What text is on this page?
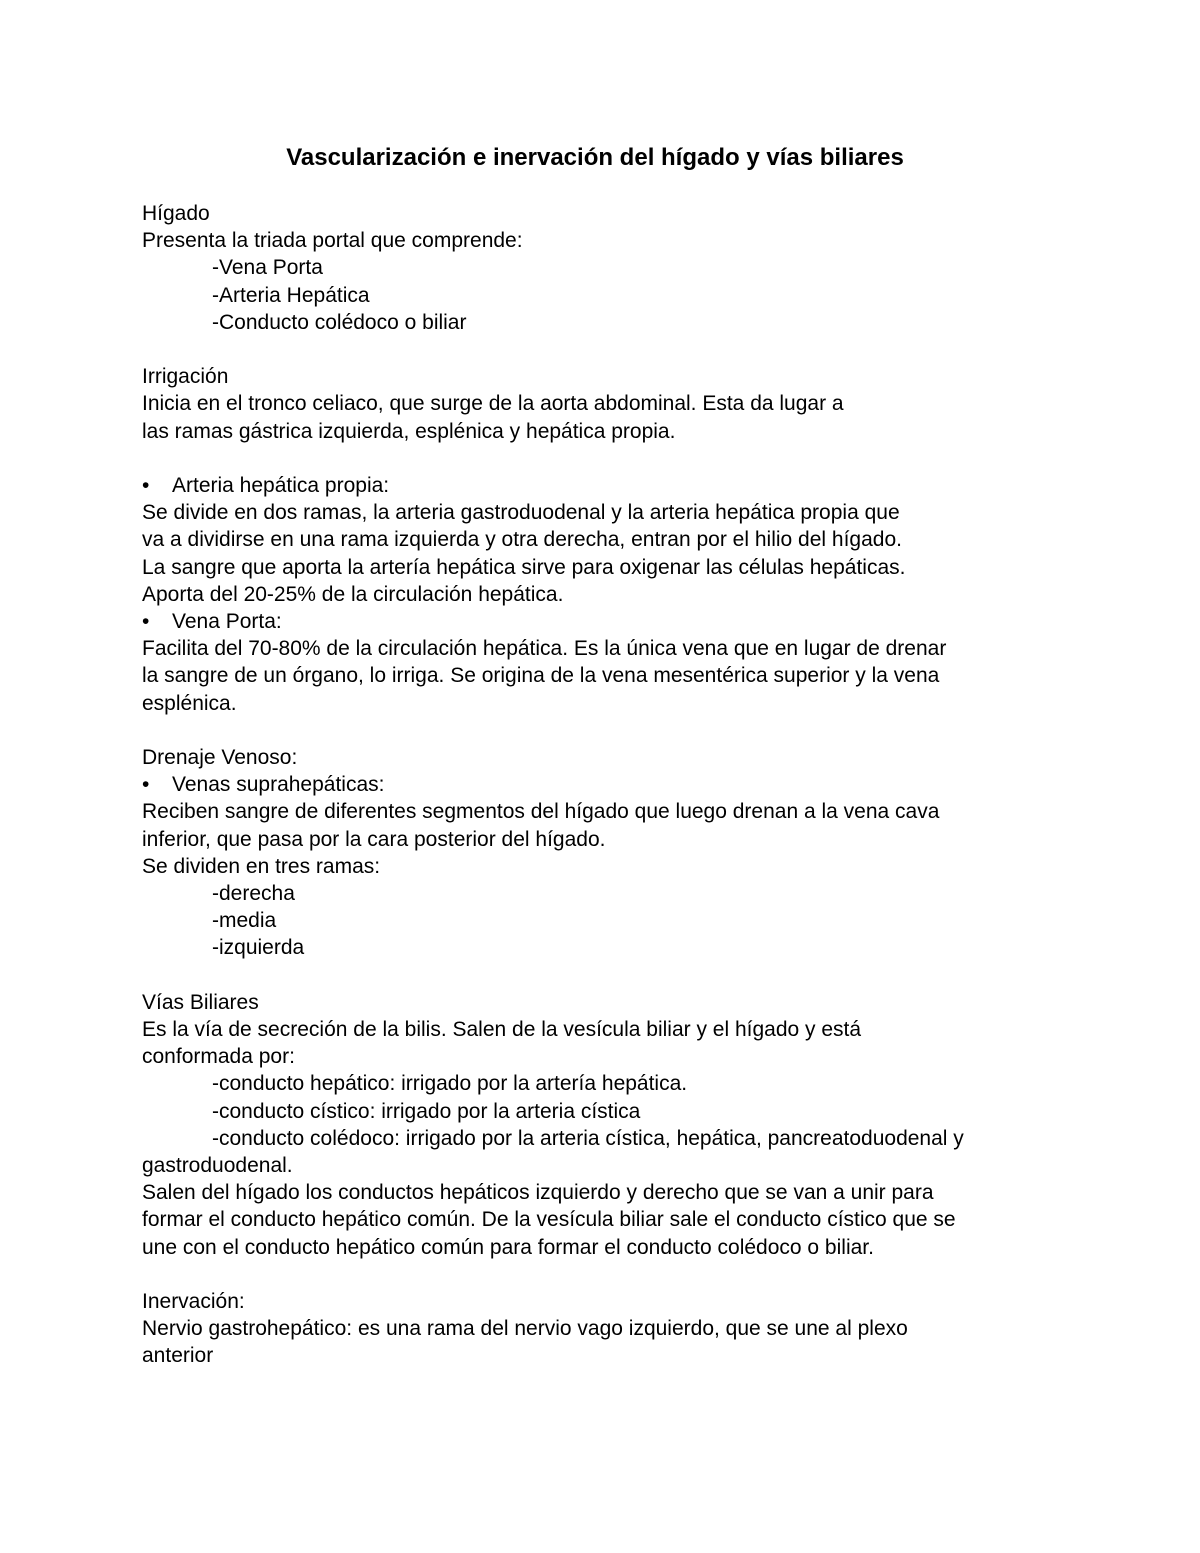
Vascularización e inervación del hígado y vías biliares
Hígado
Presenta la triada portal que comprende:
-Vena Porta
-Arteria Hepática
-Conducto colédoco o biliar
Irrigación
Inicia en el tronco celiaco, que surge de la aorta abdominal. Esta da lugar a
las ramas gástrica izquierda, esplénica y hepática propia.
• Arteria hepática propia:
Se divide en dos ramas, la arteria gastroduodenal y la arteria hepática propia que
va a dividirse en una rama izquierda y otra derecha, entran por el hilio del hígado.
La sangre que aporta la artería hepática sirve para oxigenar las células hepáticas.
Aporta del 20-25% de la circulación hepática.
• Vena Porta:
Facilita del 70-80% de la circulación hepática. Es la única vena que en lugar de drenar
la sangre de un órgano, lo irriga. Se origina de la vena mesentérica superior y la vena
esplénica.
Drenaje Venoso:
• Venas suprahepáticas:
Reciben sangre de diferentes segmentos del hígado que luego drenan a la vena cava
inferior, que pasa por la cara posterior del hígado.
Se dividen en tres ramas:
-derecha
-media
-izquierda
Vías Biliares
Es la vía de secreción de la bilis. Salen de la vesícula biliar y el hígado y está
conformada por:
-conducto hepático: irrigado por la artería hepática.
-conducto cístico: irrigado por la arteria cística
-conducto colédoco: irrigado por la arteria cística, hepática, pancreatoduodenal y
gastroduodenal.
Salen del hígado los conductos hepáticos izquierdo y derecho que se van a unir para
formar el conducto hepático común. De la vesícula biliar sale el conducto cístico que se
une con el conducto hepático común para formar el conducto colédoco o biliar.
Inervación:
Nervio gastrohepático: es una rama del nervio vago izquierdo, que se une al plexo
anterior
